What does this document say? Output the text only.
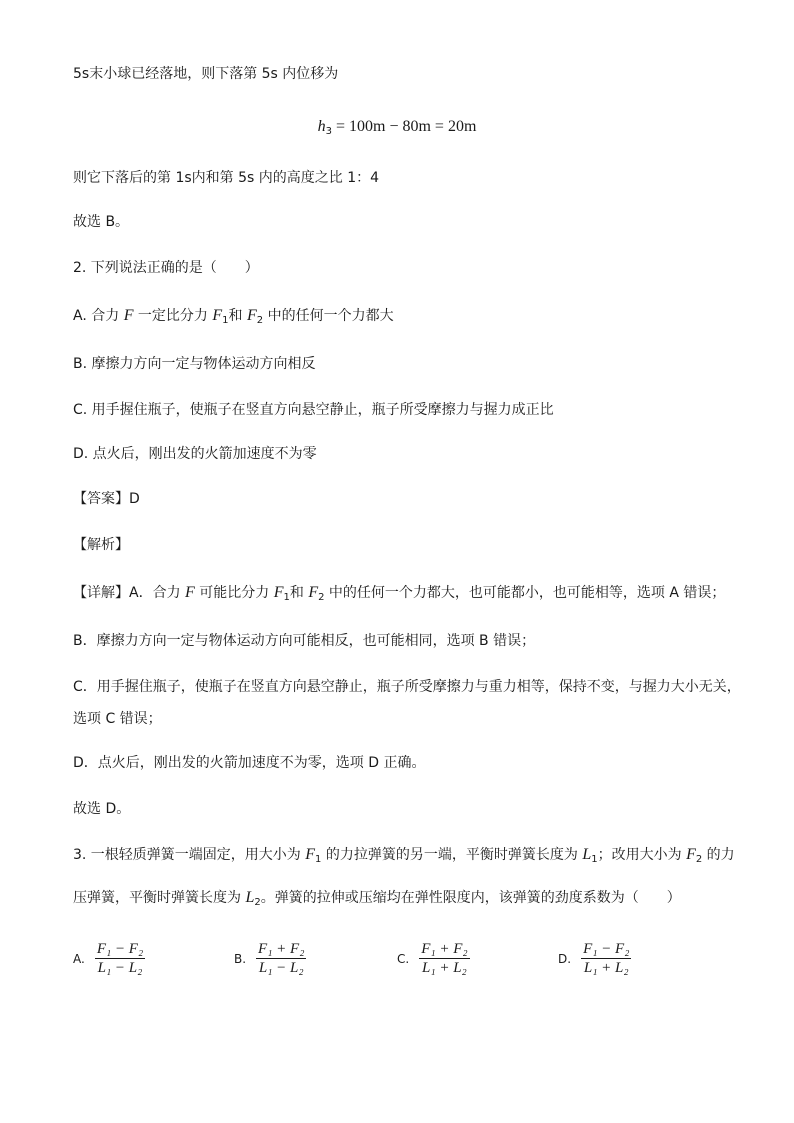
5s末小球已经落地，则下落第 5s 内位移为
$h_3 = 100m - 80m = 20m$
则它下落后的第 1s内和第 5s 内的高度之比 1：4
故选 B。
2. 下列说法正确的是（　　）
A. 合力 F 一定比分力 $F_1$和 $F_2$ 中的任何一个力都大
B. 摩擦力方向一定与物体运动方向相反
C. 用手握住瓶子，使瓶子在竖直方向悬空静止，瓶子所受摩擦力与握力成正比
D. 点火后，刚出发的火箭加速度不为零
【答案】D
【解析】
【详解】A．合力 F 可能比分力 $F_1$和 $F_2$ 中的任何一个力都大，也可能都小，也可能相等，选项 A 错误；
B．摩擦力方向一定与物体运动方向可能相反，也可能相同，选项 B 错误；
C．用手握住瓶子，使瓶子在竖直方向悬空静止，瓶子所受摩擦力与重力相等，保持不变，与握力大小无关，
选项 C 错误；
D．点火后，刚出发的火箭加速度不为零，选项 D 正确。
故选 D。
3. 一根轻质弹簧一端固定，用大小为 $F_1$ 的力拉弹簧的另一端，平衡时弹簧长度为 $L_1$；改用大小为 $F_2$ 的力
压弹簧，平衡时弹簧长度为 $L_2$。弹簧的拉伸或压缩均在弹性限度内，该弹簧的劲度系数为（　　）
A. $\frac{\text{F₁ − F₂}}{\text{L₁ − L₂}}$	B. $\frac{\text{F₁ + F₂}}{\text{L₁ − L₂}}$	C. $\frac{\text{F₁ + F₂}}{\text{L₁ + L₂}}$	D. $\frac{\text{F₁ − F₂}}{\text{L₁ + L₂}}$
